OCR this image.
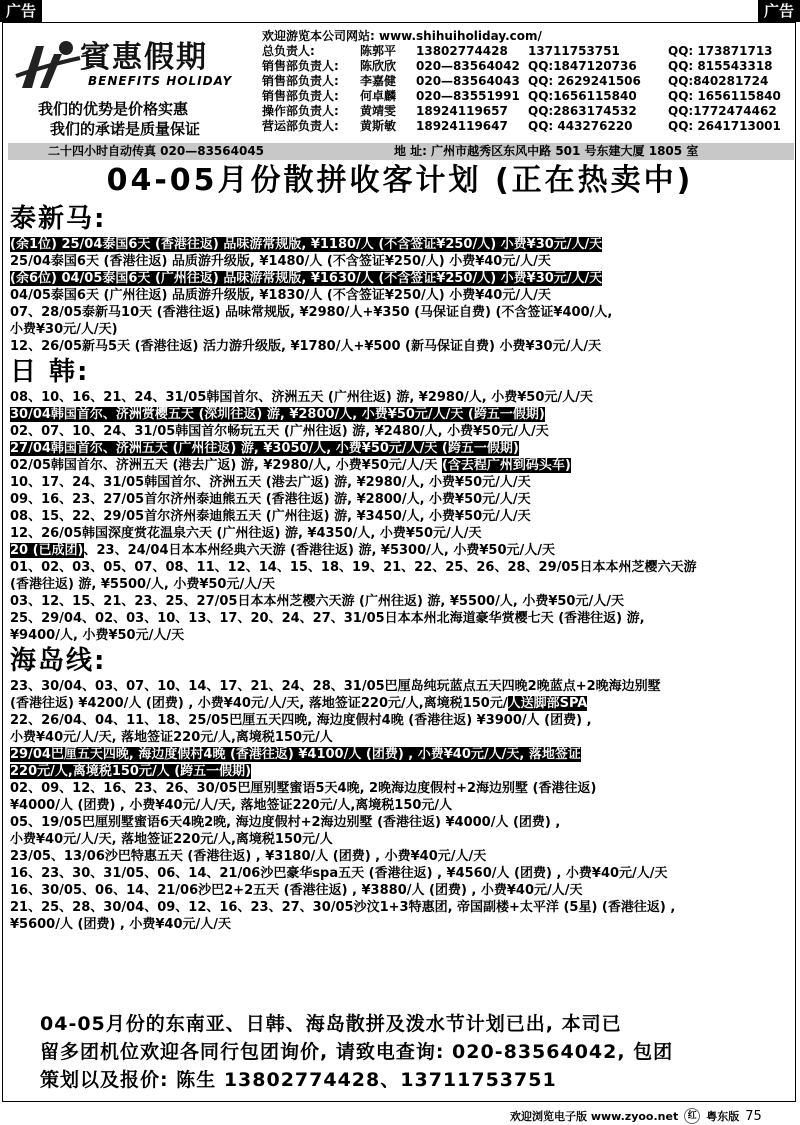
广告	广告
賓惠假期
BENEFITS HOLIDAY
我们的优势是价格实惠
我们的承诺是质量保证
欢迎游览本公司网站: www.shihuiholiday.com/
总负责人:	陈郭平	13802774428	13711753751	QQ: 173871713
销售部负责人:	陈欣欣	020—83564042 QQ:1847120736	QQ: 815543318
销售部负责人:	李嘉健	020—83564043 QQ: 2629241506	QQ:840281724
销售部负责人:	何卓麟	020—83551991 QQ:1656115840	QQ: 1656115840
操作部负责人:	黄靖雯	18924119657	QQ:2863174532	QQ:1772474462
营运部负责人:	黄斯敏	18924119647	QQ: 443276220	QQ: 2641713001
二十四小时自动传真 020—83564045	地 址: 广州市越秀区东风中路 501 号东建大厦 1805 室
04-05月份散拼收客计划 (正在热卖中)
泰新马:
(余1位) 25/04泰国6天 (香港往返) 品味游常规版, ¥1180/人 (不含签证¥250/人) 小费¥30元/人/天
25/04泰国6天 (香港往返) 品质游升级版, ¥1480/人 (不含签证¥250/人) 小费¥40元/人/天
(余6位) 04/05泰国6天 (广州往返) 品味游常规版, ¥1630/人 (不含签证¥250/人) 小费¥30元/人/天
04/05泰国6天 (广州往返) 品质游升级版, ¥1830/人 (不含签证¥250/人) 小费¥40元/人/天
07、28/05泰新马10天 (香港往返) 品味常规版, ¥2980/人+¥350 (马保证自费) (不含签证¥400/人,
小费¥30元/人/天)
12、26/05新马5天 (香港往返) 活力游升级版, ¥1780/人+¥500 (新马保证自费) 小费¥30元/人/天
日 韩:
08、10、16、21、24、31/05韩国首尔、济洲五天 (广州往返) 游, ¥2980/人, 小费¥50元/人/天
30/04韩国首尔、济洲赏樱五天 (深圳往返) 游, ¥2800/人, 小费¥50元/人/天 (跨五一假期)
02、07、10、24、31/05韩国首尔畅玩五天 (广州往返) 游, ¥2480/人, 小费¥50元/人/天
27/04韩国首尔、济洲五天 (广州往返) 游, ¥3050/人, 小费¥50元/人/天 (跨五一假期)
02/05韩国首尔、济洲五天 (港去广返) 游, ¥2980/人, 小费¥50元/人/天 (含去程广州到码头车)
10、17、24、31/05韩国首尔、济洲五天 (港去广返) 游, ¥2980/人, 小费¥50元/人/天
09、16、23、27/05首尔济州泰迪熊五天 (香港往返) 游, ¥2800/人, 小费¥50元/人/天
08、15、22、29/05首尔济州泰迪熊五天 (广州往返) 游, ¥3450/人, 小费¥50元/人/天
12、26/05韩国深度赏花温泉六天 (广州往返) 游, ¥4350/人, 小费¥50元/人/天
20 (已成团)、23、24/04日本本州经典六天游 (香港往返) 游, ¥5300/人, 小费¥50元/人/天
01、02、03、05、07、08、11、12、14、15、18、19、21、22、25、26、28、29/05日本本州芝樱六天游
(香港往返) 游, ¥5500/人, 小费¥50元/人/天
03、12、15、21、23、25、27/05日本本州芝樱六天游 (广州往返) 游, ¥5500/人, 小费¥50元/人/天
25、29/04、02、03、10、13、17、20、24、27、31/05日本本州北海道豪华赏樱七天 (香港往返) 游,
¥9400/人, 小费¥50元/人/天
海岛线:
23、30/04、03、07、10、14、17、21、24、28、31/05巴厘岛纯玩蓝点五天四晚2晚蓝点+2晚海边别墅
(香港往返) ¥4200/人 (团费) , 小费¥40元/人/天, 落地签证220元/人,离境税150元/人送脚部SPA
22、26/04、04、11、18、25/05巴厘五天四晚, 海边度假村4晚 (香港往返) ¥3900/人 (团费) ,
小费¥40元/人/天, 落地签证220元/人,离境税150元/人
29/04巴厘五天四晚, 海边度假村4晚 (香港往返) ¥4100/人 (团费) , 小费¥40元/人/天, 落地签证
220元/人,离境税150元/人 (跨五一假期)
02、09、12、16、23、26、30/05巴厘别墅蜜语5天4晚, 2晚海边度假村+2海边别墅 (香港往返)
¥4000/人 (团费) , 小费¥40元/人/天, 落地签证220元/人,离境税150元/人
05、19/05巴厘别墅蜜语6天4晚2晚, 海边度假村+2海边别墅 (香港往返) ¥4000/人 (团费) ,
小费¥40元/人/天, 落地签证220元/人,离境税150元/人
23/05、13/06沙巴特惠五天 (香港往返) , ¥3180/人 (团费) , 小费¥40元/人/天
16、23、30、31/05、06、14、21/06沙巴豪华spa五天 (香港往返) , ¥4560/人 (团费) , 小费¥40元/人/天
16、30/05、06、14、21/06沙巴2+2五天 (香港往返) , ¥3880/人 (团费) , 小费¥40元/人/天
21、25、28、30/04、09、12、16、23、27、30/05沙汶1+3特惠团, 帝国副楼+太平洋 (5星) (香港往返) ,
¥5600/人 (团费) , 小费¥40元/人/天
04-05月份的东南亚、日韩、海岛散拼及泼水节计划已出, 本司已
留多团机位欢迎各同行包团询价, 请致电查询: 020-83564042, 包团
策划以及报价: 陈生 13802774428、13711753751
欢迎浏览电子版 www.zyoo.net	红 粤东版 75
